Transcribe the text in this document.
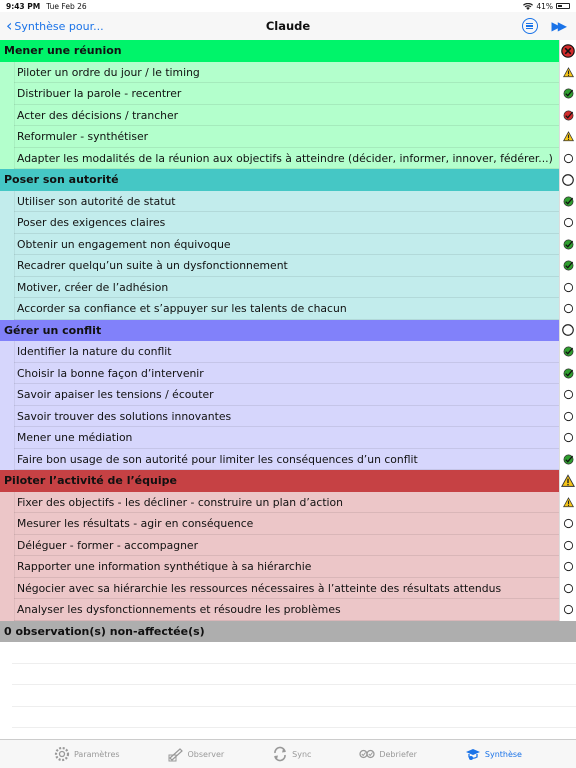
9:43 PM Tue Feb 26	41%
‹ Synthèse pour...	Claude	▶▶
Mener une réunion
Piloter un ordre du jour / le timing
Distribuer la parole - recentrer
Acter des décisions / trancher
Reformuler - synthétiser
Adapter les modalités de la réunion aux objectifs à atteindre (décider, informer, innover, fédérer...)
Poser son autorité
Utiliser son autorité de statut
Poser des exigences claires
Obtenir un engagement non équivoque
Recadrer quelqu’un suite à un dysfonctionnement
Motiver, créer de l’adhésion
Accorder sa confiance et s’appuyer sur les talents de chacun
Gérer un conflit
Identifier la nature du conflit
Choisir la bonne façon d’intervenir
Savoir apaiser les tensions / écouter
Savoir trouver des solutions innovantes
Mener une médiation
Faire bon usage de son autorité pour limiter les conséquences d’un conflit
Piloter l’activité de l’équipe
Fixer des objectifs - les décliner - construire un plan d’action
Mesurer les résultats - agir en conséquence
Déléguer - former - accompagner
Rapporter une information synthétique à sa hiérarchie
Négocier avec sa hiérarchie les ressources nécessaires à l’atteinte des résultats attendus
Analyser les dysfonctionnements et résoudre les problèmes
0 observation(s) non-affectée(s)
Paramètres	Observer	Sync	Debriefer	Synthèse
